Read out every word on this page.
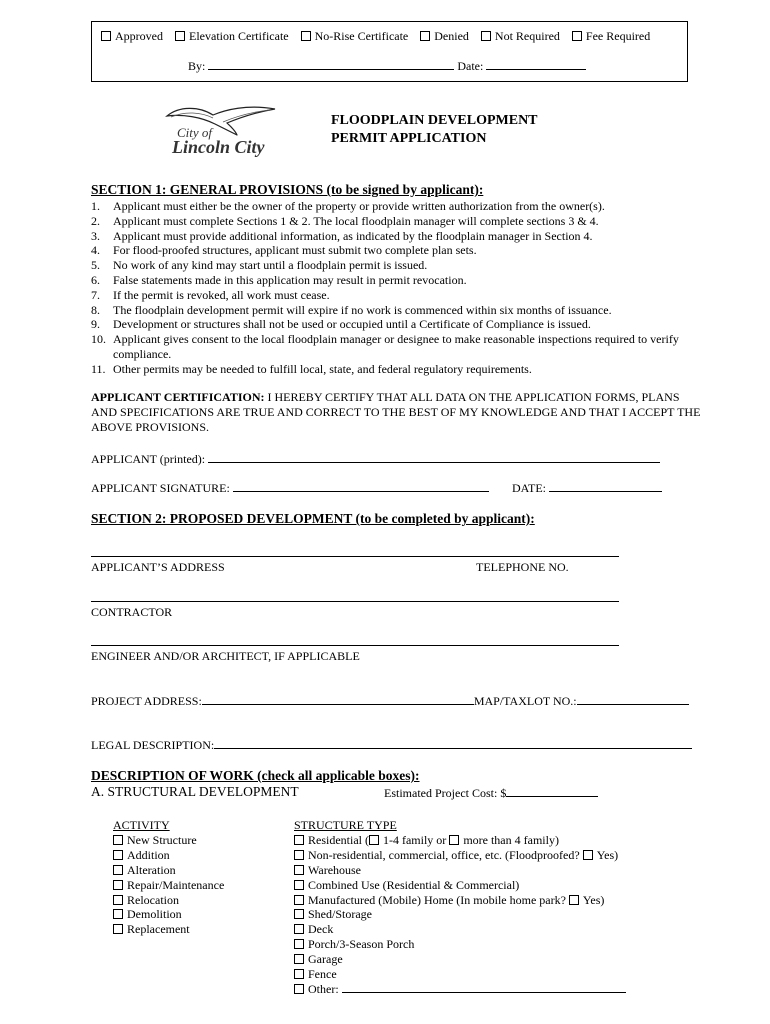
Approved Elevation Certificate No-Rise Certificate Denied Not Required Fee Required
By:	Date:
City of
Lincoln City
FLOODPLAIN DEVELOPMENT
PERMIT APPLICATION
SECTION 1: GENERAL PROVISIONS (to be signed by applicant):
1. Applicant must either be the owner of the property or provide written authorization from the owner(s).
2. Applicant must complete Sections 1 & 2. The local floodplain manager will complete sections 3 & 4.
3. Applicant must provide additional information, as indicated by the floodplain manager in Section 4.
4. For flood-proofed structures, applicant must submit two complete plan sets.
5. No work of any kind may start until a floodplain permit is issued.
6. False statements made in this application may result in permit revocation.
7. If the permit is revoked, all work must cease.
8. The floodplain development permit will expire if no work is commenced within six months of issuance.
9. Development or structures shall not be used or occupied until a Certificate of Compliance is issued.
10. Applicant gives consent to the local floodplain manager or designee to make reasonable inspections required to verify compliance.
11. Other permits may be needed to fulfill local, state, and federal regulatory requirements.
APPLICANT CERTIFICATION: I HEREBY CERTIFY THAT ALL DATA ON THE APPLICATION FORMS, PLANS AND SPECIFICATIONS ARE TRUE AND CORRECT TO THE BEST OF MY KNOWLEDGE AND THAT I ACCEPT THE ABOVE PROVISIONS.
APPLICANT (printed):
APPLICANT SIGNATURE:	DATE:
SECTION 2: PROPOSED DEVELOPMENT (to be completed by applicant):
APPLICANT’S ADDRESS	TELEPHONE NO.
CONTRACTOR
ENGINEER AND/OR ARCHITECT, IF APPLICABLE
PROJECT ADDRESS:	MAP/TAXLOT NO.:
LEGAL DESCRIPTION:
DESCRIPTION OF WORK (check all applicable boxes):
A. STRUCTURAL DEVELOPMENT	Estimated Project Cost: $
ACTIVITY
New Structure
Addition
Alteration
Repair/Maintenance
Relocation
Demolition
Replacement
STRUCTURE TYPE
Residential ( 1-4 family or more than 4 family)
Non-residential, commercial, office, etc. (Floodproofed? Yes)
Warehouse
Combined Use (Residential & Commercial)
Manufactured (Mobile) Home (In mobile home park? Yes)
Shed/Storage
Deck
Porch/3-Season Porch
Garage
Fence
Other:
